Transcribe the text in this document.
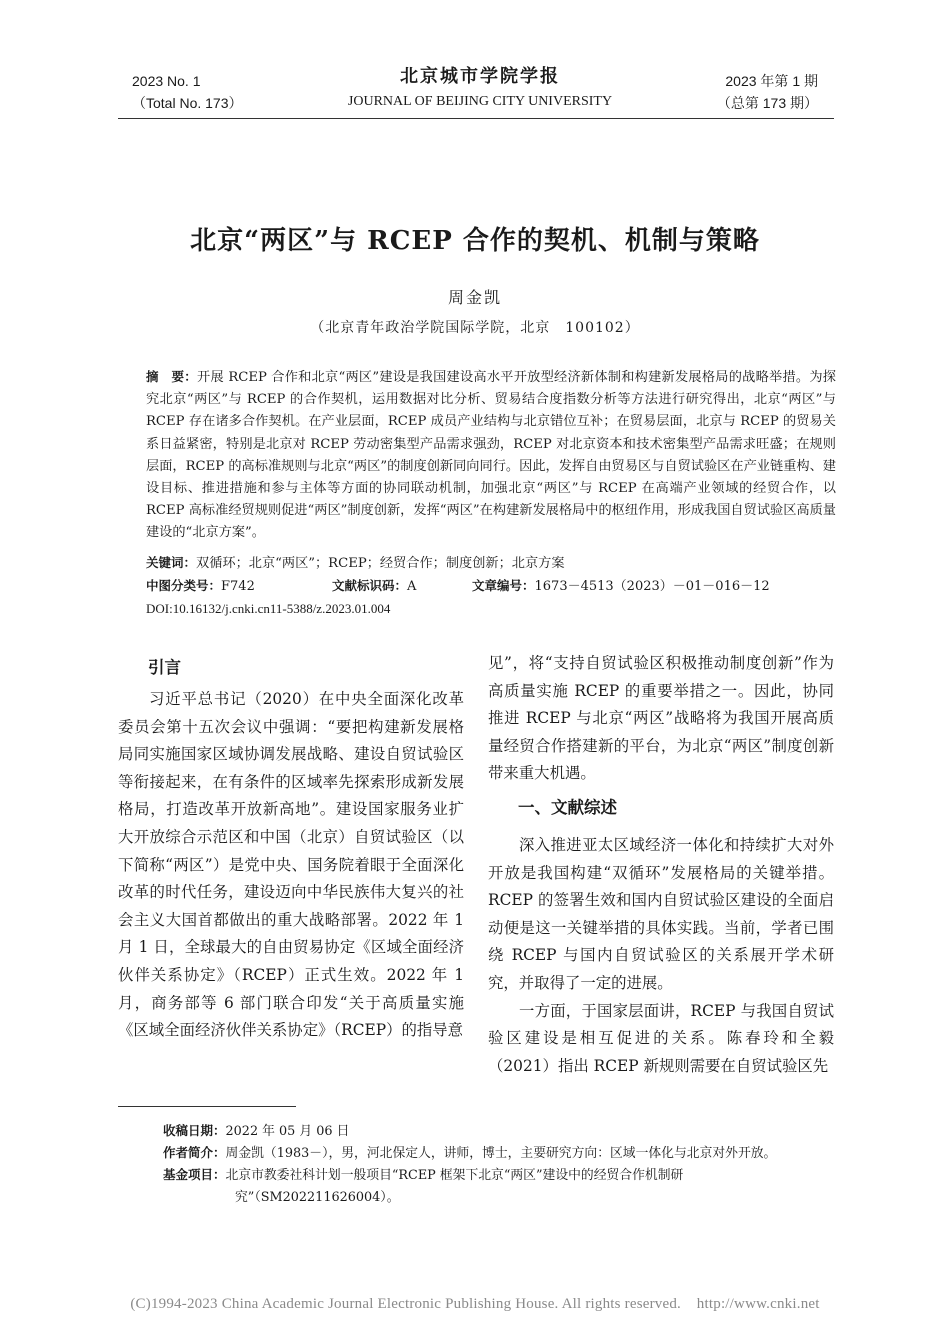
2023 No. 1
（Total No. 173）
北京城市学院学报
JOURNAL OF BEIJING CITY UNIVERSITY
2023 年第 1 期
（总第 173 期）
北京“两区”与 RCEP 合作的契机、机制与策略
周金凯
（北京青年政治学院国际学院，北京　100102）
摘　要：开展 RCEP 合作和北京“两区”建设是我国建设高水平开放型经济新体制和构建新发展格局的战略举措。为探究北京“两区”与 RCEP 的合作契机，运用数据对比分析、贸易结合度指数分析等方法进行研究得出，北京“两区”与 RCEP 存在诸多合作契机。在产业层面，RCEP 成员产业结构与北京错位互补；在贸易层面，北京与 RCEP 的贸易关系日益紧密，特别是北京对 RCEP 劳动密集型产品需求强劲，RCEP 对北京资本和技术密集型产品需求旺盛；在规则层面，RCEP 的高标准规则与北京“两区”的制度创新同向同行。因此，发挥自由贸易区与自贸试验区在产业链重构、建设目标、推进措施和参与主体等方面的协同联动机制，加强北京“两区”与 RCEP 在高端产业领域的经贸合作，以 RCEP 高标准经贸规则促进“两区”制度创新，发挥“两区”在构建新发展格局中的枢纽作用，形成我国自贸试验区高质量建设的“北京方案”。
关键词：双循环；北京“两区”；RCEP；经贸合作；制度创新；北京方案
中图分类号：F742	文献标识码：A	文章编号：1673－4513（2023）－01－016－12
DOI:10.16132/j.cnki.cn11-5388/z.2023.01.004
引言
习近平总书记（2020）在中央全面深化改革委员会第十五次会议中强调：“要把构建新发展格局同实施国家区域协调发展战略、建设自贸试验区等衔接起来，在有条件的区域率先探索形成新发展格局，打造改革开放新高地”。建设国家服务业扩大开放综合示范区和中国（北京）自贸试验区（以下简称“两区”）是党中央、国务院着眼于全面深化改革的时代任务，建设迈向中华民族伟大复兴的社会主义大国首都做出的重大战略部署。2022 年 1 月 1 日，全球最大的自由贸易协定《区域全面经济伙伴关系协定》（RCEP）正式生效。2022 年 1 月，商务部等 6 部门联合印发“关于高质量实施《区域全面经济伙伴关系协定》（RCEP）的指导意
见”，将“支持自贸试验区积极推动制度创新”作为高质量实施 RCEP 的重要举措之一。因此，协同推进 RCEP 与北京“两区”战略将为我国开展高质量经贸合作搭建新的平台，为北京“两区”制度创新带来重大机遇。
一、文献综述
深入推进亚太区域经济一体化和持续扩大对外开放是我国构建“双循环”发展格局的关键举措。RCEP 的签署生效和国内自贸试验区建设的全面启动便是这一关键举措的具体实践。当前，学者已围绕 RCEP 与国内自贸试验区的关系展开学术研究，并取得了一定的进展。
一方面，于国家层面讲，RCEP 与我国自贸试验区建设是相互促进的关系。陈春玲和全毅（2021）指出 RCEP 新规则需要在自贸试验区先
收稿日期：2022 年 05 月 06 日
作者简介：周金凯（1983－），男，河北保定人，讲师，博士，主要研究方向：区域一体化与北京对外开放。
基金项目：北京市教委社科计划一般项目“RCEP 框架下北京“两区”建设中的经贸合作机制研究”（SM202211626004）。
(C)1994-2023 China Academic Journal Electronic Publishing House. All rights reserved.    http://www.cnki.net
